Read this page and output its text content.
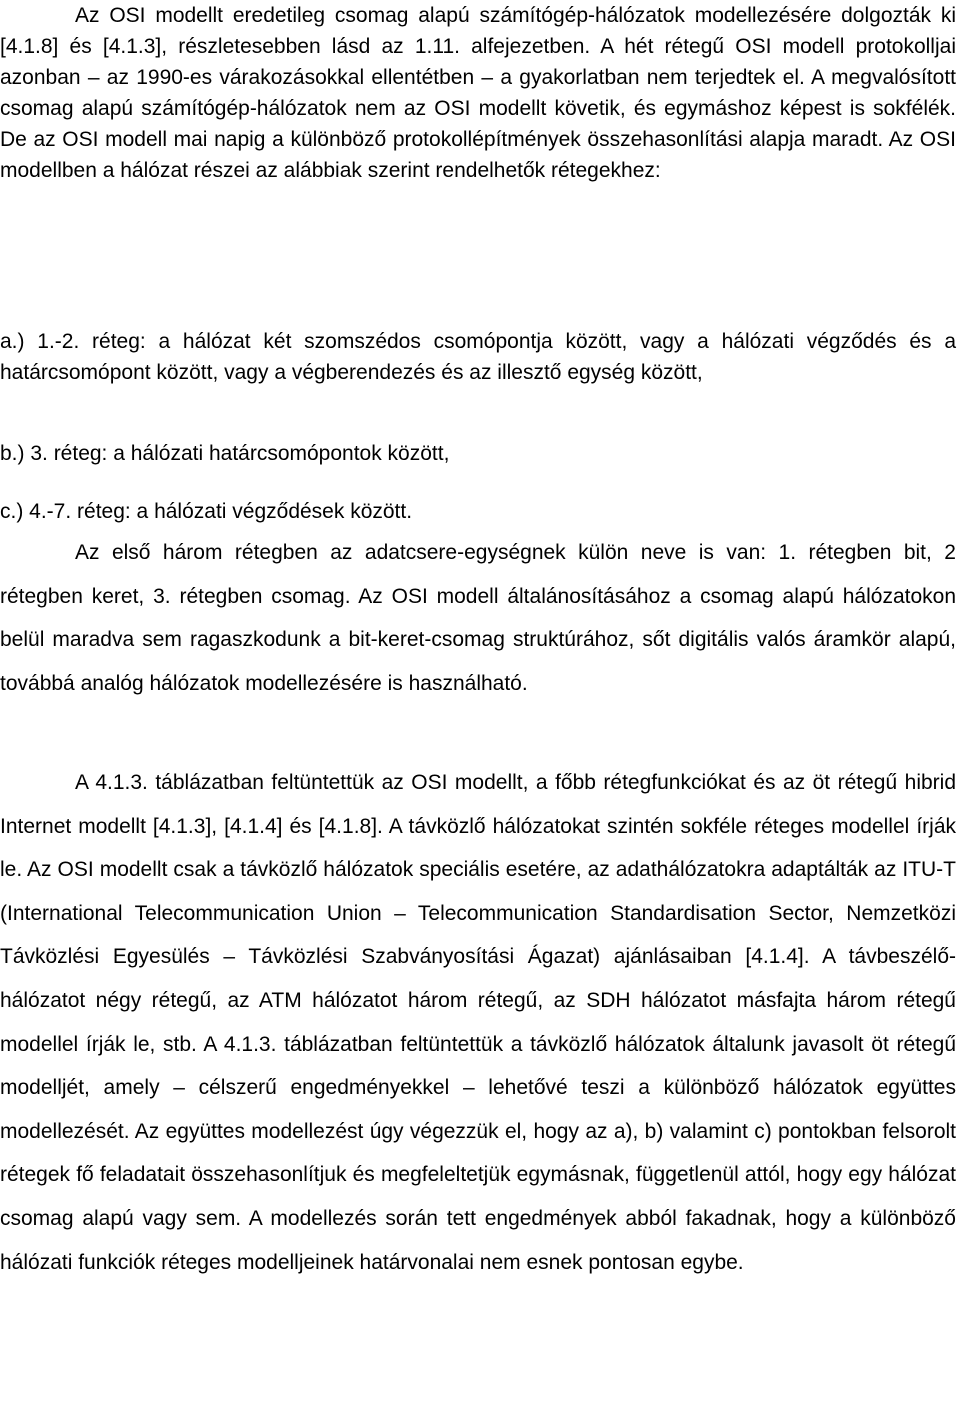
Az OSI modellt eredetileg csomag alapú számítógép-hálózatok modellezésére dolgozták ki [4.1.8] és [4.1.3], részletesebben lásd az 1.11. alfejezetben. A hét rétegű OSI modell protokolljai azonban – az 1990-es várakozásokkal ellentétben – a gyakorlatban nem terjedtek el. A megvalósított csomag alapú számítógép-hálózatok nem az OSI modellt követik, és egymáshoz képest is sokfélék. De az OSI modell mai napig a különböző protokollépítmények összehasonlítási alapja maradt. Az OSI modellben a hálózat részei az alábbiak szerint rendelhetők rétegekhez:

a.) 1.-2. réteg: a hálózat két szomszédos csomópontja között, vagy a hálózati végződés és a határcsomópont között, vagy a végberendezés és az illesztő egység között,

b.) 3. réteg: a hálózati határcsomópontok között,

c.) 4.-7. réteg: a hálózati végződések között.

Az első három rétegben az adatcsere-egységnek külön neve is van: 1. rétegben bit, 2 rétegben keret, 3. rétegben csomag. Az OSI modell általánosításához a csomag alapú hálózatokon belül maradva sem ragaszkodunk a bit-keret-csomag struktúrához, sőt digitális valós áramkör alapú, továbbá analóg hálózatok modellezésére is használható.

A 4.1.3. táblázatban feltüntettük az OSI modellt, a főbb rétegfunkciókat és az öt rétegű hibrid Internet modellt [4.1.3], [4.1.4] és [4.1.8]. A távközlő hálózatokat szintén sokféle réteges modellel írják le. Az OSI modellt csak a távközlő hálózatok speciális esetére, az adathálózatokra adaptálták az ITU-T (International Telecommunication Union – Telecommunication Standardisation Sector, Nemzetközi Távközlési Egyesülés – Távközlési Szabványosítási Ágazat) ajánlásaiban [4.1.4]. A távbeszélő-hálózatot négy rétegű, az ATM hálózatot három rétegű, az SDH hálózatot másfajta három rétegű modellel írják le, stb. A 4.1.3. táblázatban feltüntettük a távközlő hálózatok általunk javasolt öt rétegű modelljét, amely – célszerű engedményekkel – lehetővé teszi a különböző hálózatok együttes modellezését. Az együttes modellezést úgy végezzük el, hogy az a), b) valamint c) pontokban felsorolt rétegek fő feladatait összehasonlítjuk és megfeleltetjük egymásnak, függetlenül attól, hogy egy hálózat csomag alapú vagy sem. A modellezés során tett engedmények abból fakadnak, hogy a különböző hálózati funkciók réteges modelljeinek határvonalai nem esnek pontosan egybe.
